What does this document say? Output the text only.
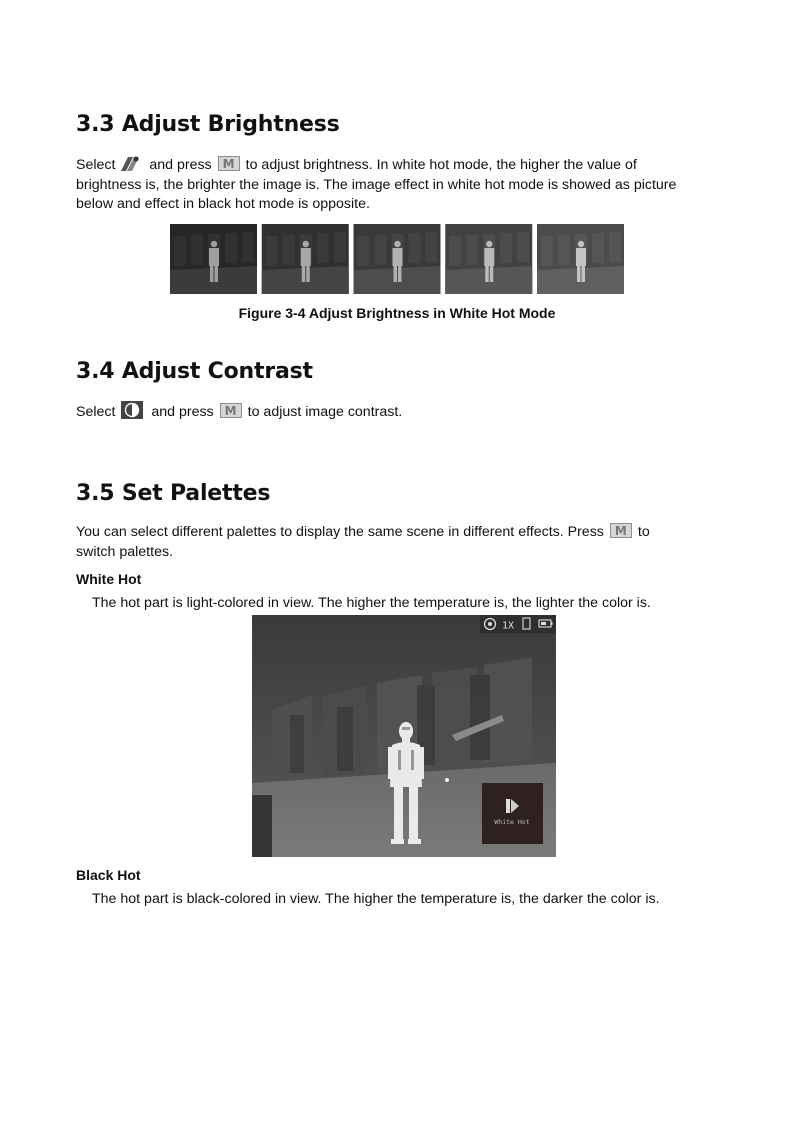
3.3 Adjust Brightness

Select and press M to adjust brightness. In white hot mode, the higher the value of
brightness is, the brighter the image is. The image effect in white hot mode is showed as picture
below and effect in black hot mode is opposite.

Figure 3-4 Adjust Brightness in White Hot Mode

3.4 Adjust Contrast

Select	and press M to adjust image contrast.

3.5 Set Palettes

You can select different palettes to display the same scene in different effects. Press M to
switch palettes.

White Hot

The hot part is light-colored in view. The higher the temperature is, the lighter the color is.

1X
White Hot

Black Hot

The hot part is black-colored in view. The higher the temperature is, the darker the color is.
